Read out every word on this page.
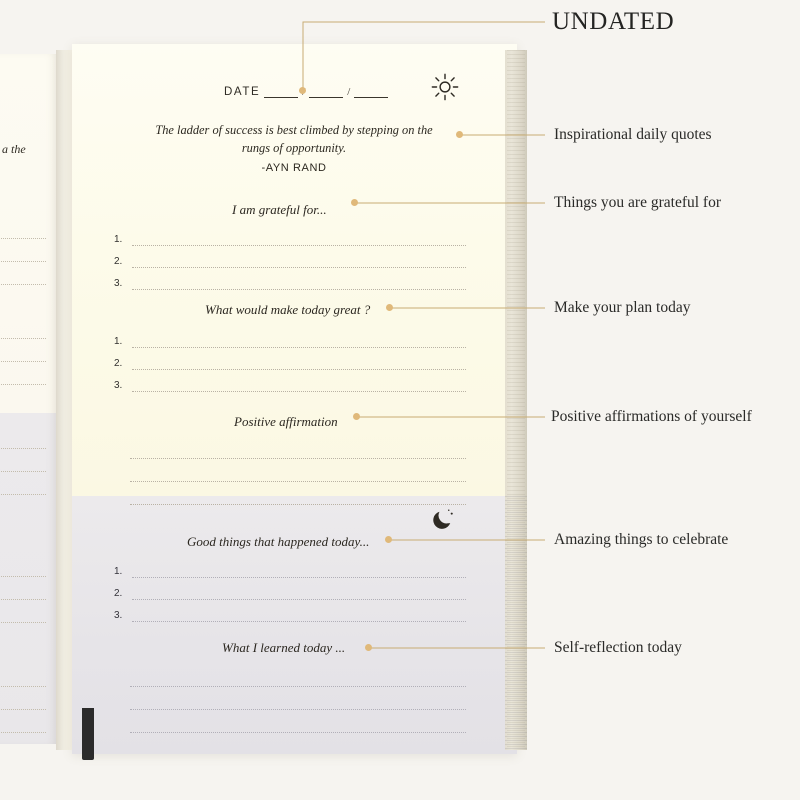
a the
DATE	/
The ladder of success is best climbed by stepping on the rungs of opportunity.
-AYN RAND
I am grateful for...
1.
2.
3.
What would make today great ?
1.
2.
3.
Positive affirmation
Good things that happened today...
1.
2.
3.
What I learned today ...
UNDATED
Inspirational daily quotes
Things you are grateful for
Make your plan today
Positive affirmations of yourself
Amazing things to celebrate
Self-reflection today
